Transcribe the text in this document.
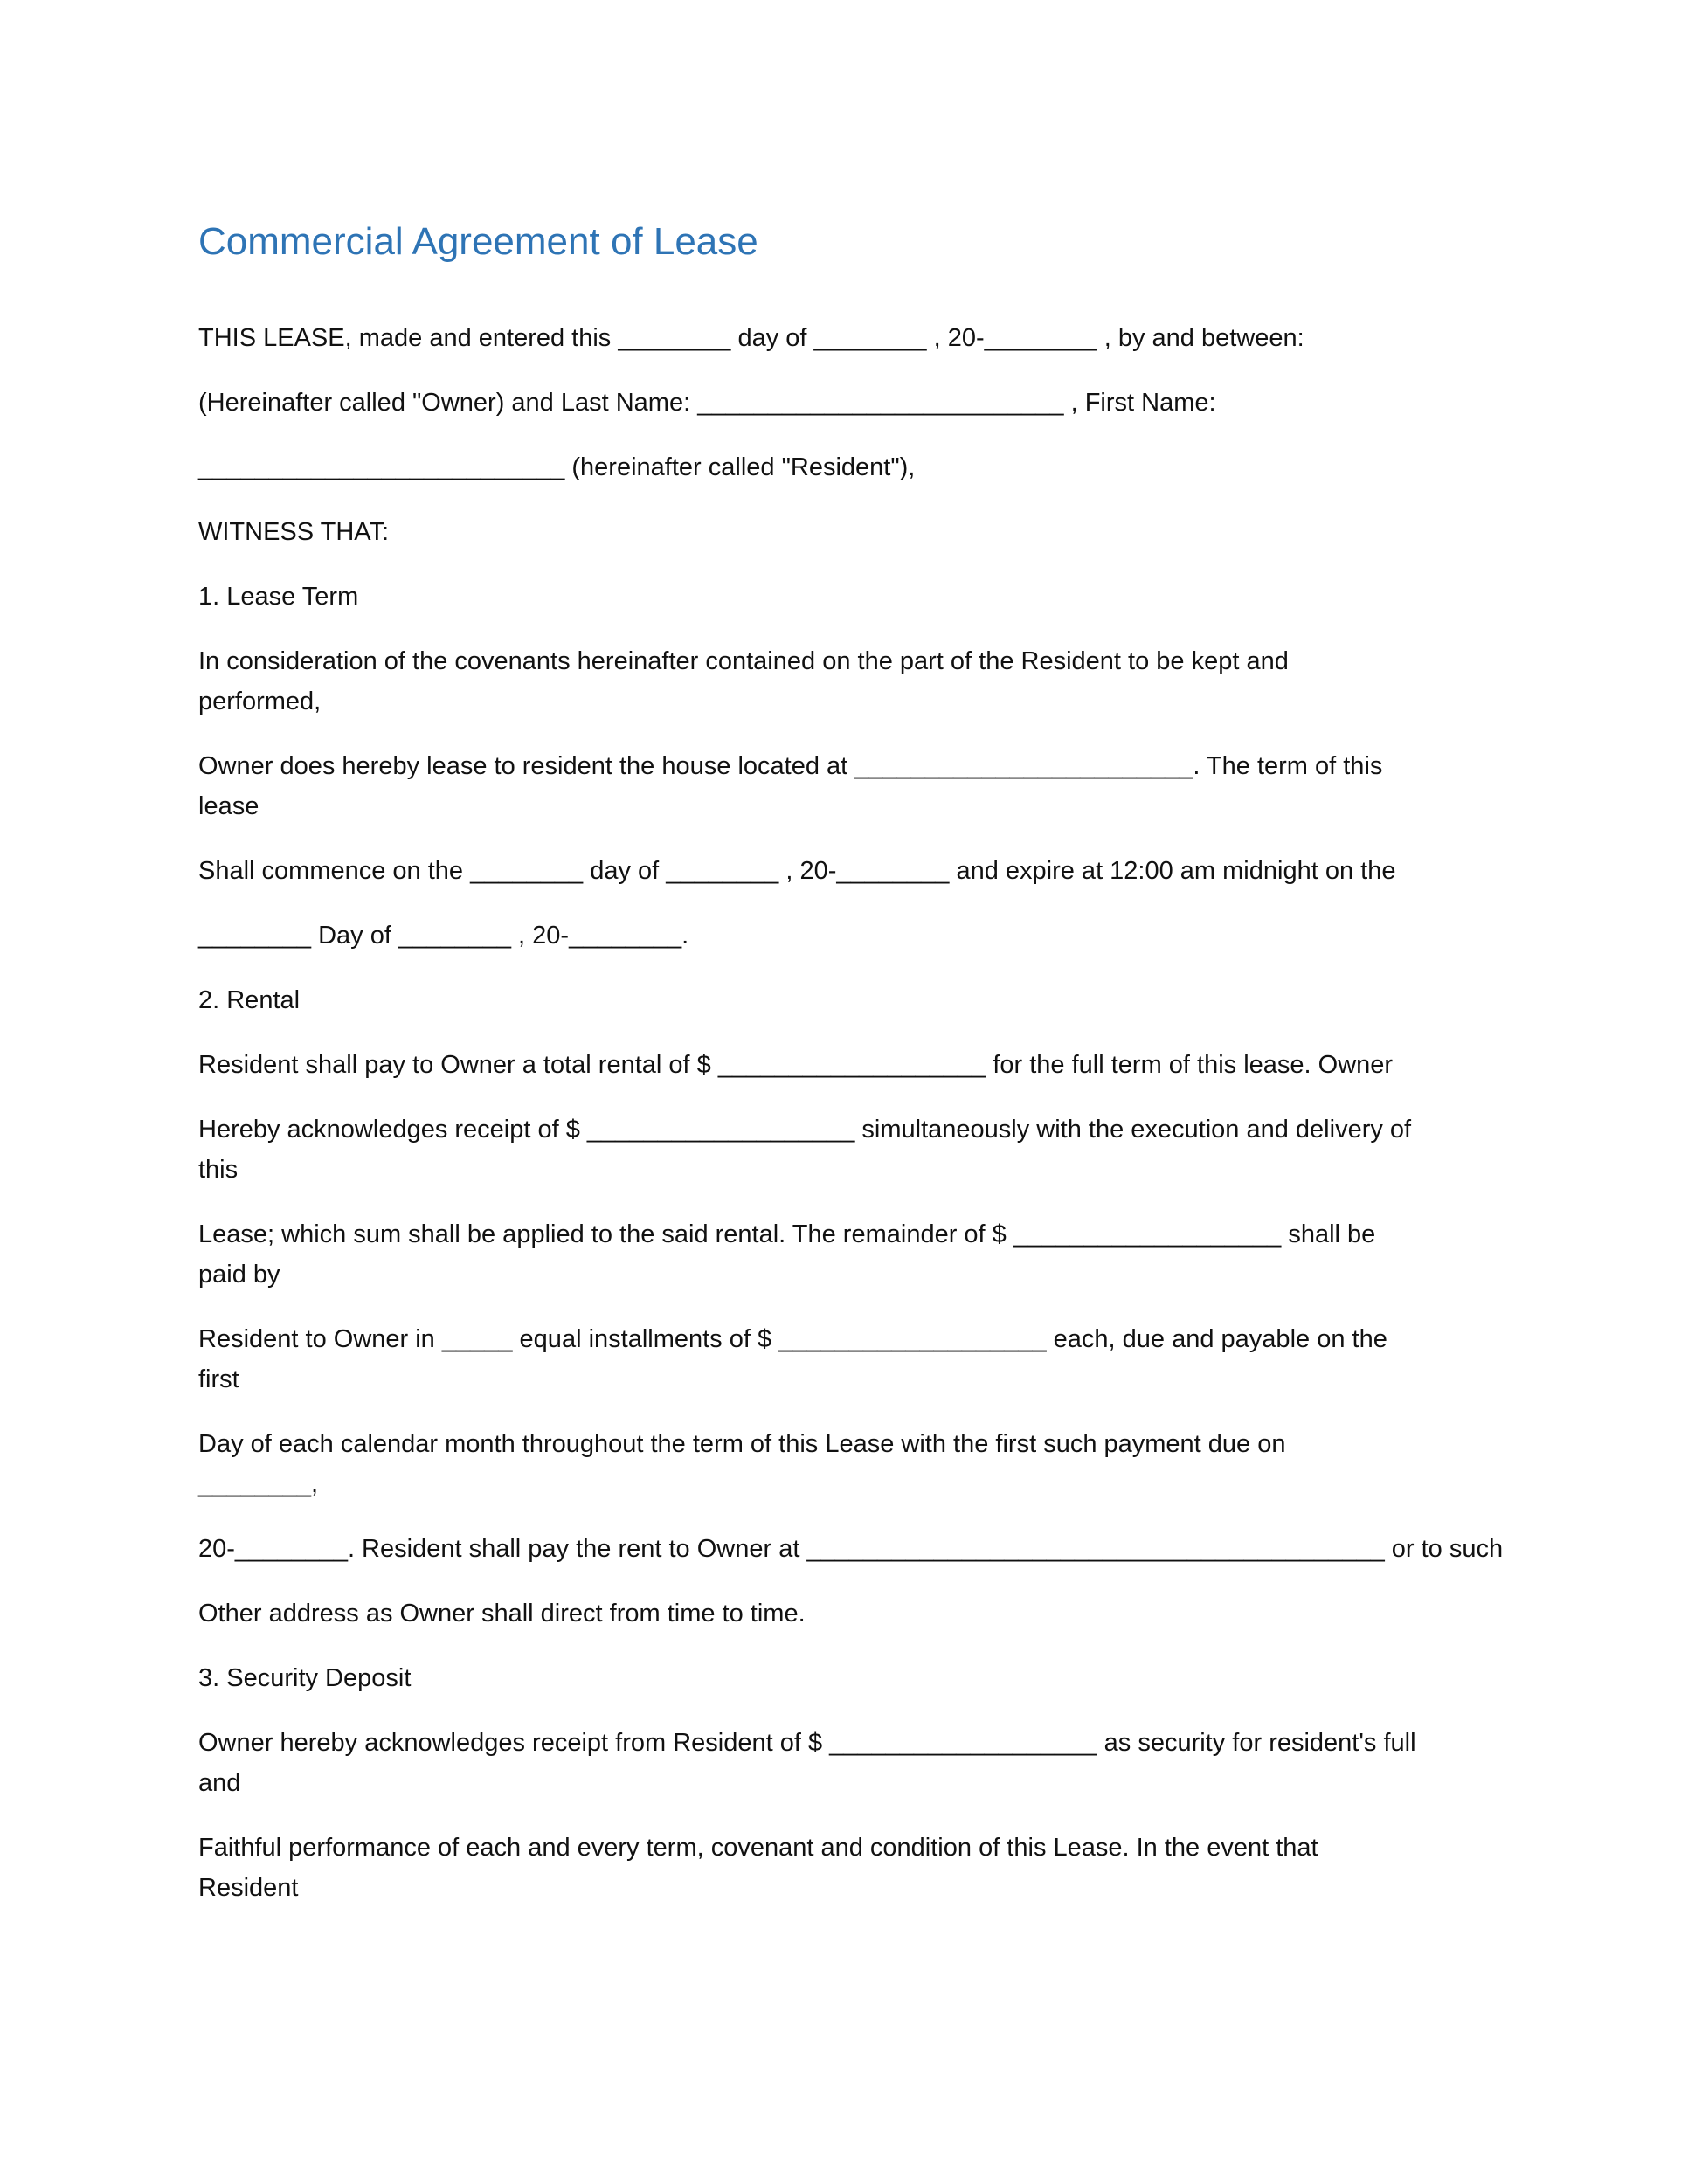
Commercial Agreement of Lease
THIS LEASE, made and entered this ________ day of ________ , 20-________ , by and between:
(Hereinafter called "Owner) and Last Name: __________________________ , First Name:
__________________________ (hereinafter called "Resident"),
WITNESS THAT:
1. Lease Term
In consideration of the covenants hereinafter contained on the part of the Resident to be kept and
performed,
Owner does hereby lease to resident the house located at ________________________. The term of this
lease
Shall commence on the ________ day of ________ , 20-________ and expire at 12:00 am midnight on the
________ Day of ________ , 20-________.
2. Rental
Resident shall pay to Owner a total rental of $ ___________________ for the full term of this lease. Owner
Hereby acknowledges receipt of $ ___________________ simultaneously with the execution and delivery of
this
Lease; which sum shall be applied to the said rental. The remainder of $ ___________________ shall be
paid by
Resident to Owner in _____ equal installments of $ ___________________ each, due and payable on the
first
Day of each calendar month throughout the term of this Lease with the first such payment due on
________,
20-________. Resident shall pay the rent to Owner at _________________________________________ or to such
Other address as Owner shall direct from time to time.
3. Security Deposit
Owner hereby acknowledges receipt from Resident of $ ___________________ as security for resident's full
and
Faithful performance of each and every term, covenant and condition of this Lease. In the event that
Resident
